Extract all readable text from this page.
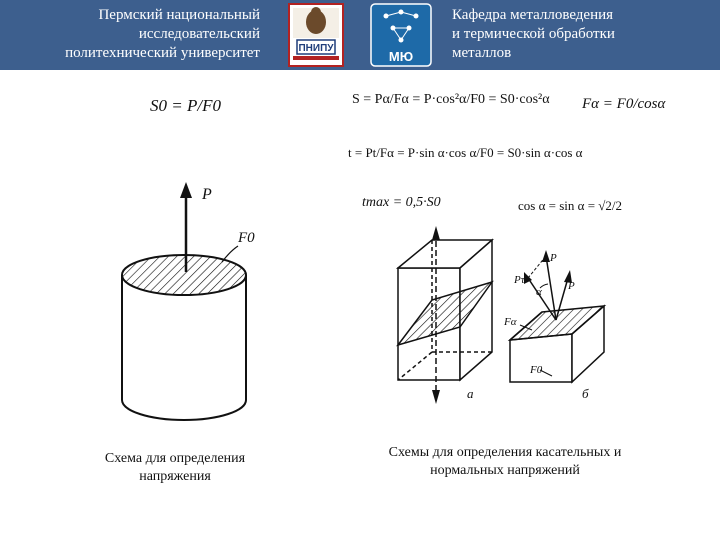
Пермский национальный
исследовательский
политехнический университет	ПНИПУ
МЮ
Кафедра металловедения
и термической обработки
металлов
S0 = P/F0	S = Pα/Fα = P·cos²α/F0 = S0·cos²α Fα = F0/cosα
t = Pt/Fα = P·sin α·cos α/F0 = S0·sin α·cos α
tmax = 0,5·S0	cos α = sin α = √2/2
P
F0
а	б
Pτ
α
P
P
Fα
F0
Схема для определения
напряжения
Схемы для определения касательных и
нормальных напряжений
